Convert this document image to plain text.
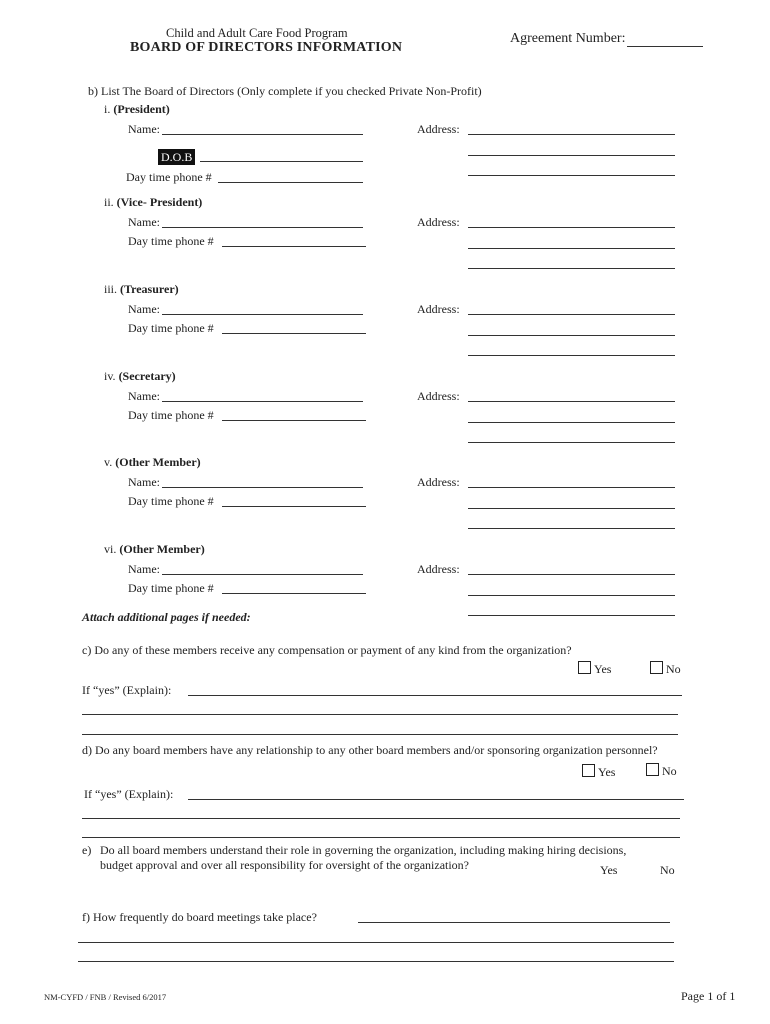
Child and Adult Care Food Program
BOARD OF DIRECTORS INFORMATION
Agreement Number:
b) List The Board of Directors (Only complete if you checked Private Non-Profit)
i. (President)
Name:	Address:
D.O.B
Day time phone #
ii. (Vice- President)
Name:	Address:
Day time phone #
iii. (Treasurer)
Name:	Address:
Day time phone #
iv. (Secretary)
Name:	Address:
Day time phone #
v. (Other Member)
Name:	Address:
Day time phone #
vi. (Other Member)
Name:	Address:
Day time phone #
Attach additional pages if needed:
c) Do any of these members receive any compensation or payment of any kind from the organization?
Yes	No
If “yes” (Explain):
d) Do any board members have any relationship to any other board members and/or sponsoring organization personnel?
Yes	No
If “yes” (Explain):
e) Do all board members understand their role in governing the organization, including making hiring decisions,
budget approval and over all responsibility for oversight of the organization?	Yes	No
f) How frequently do board meetings take place?
NM-CYFD / FNB / Revised 6/2017	Page 1 of 1
